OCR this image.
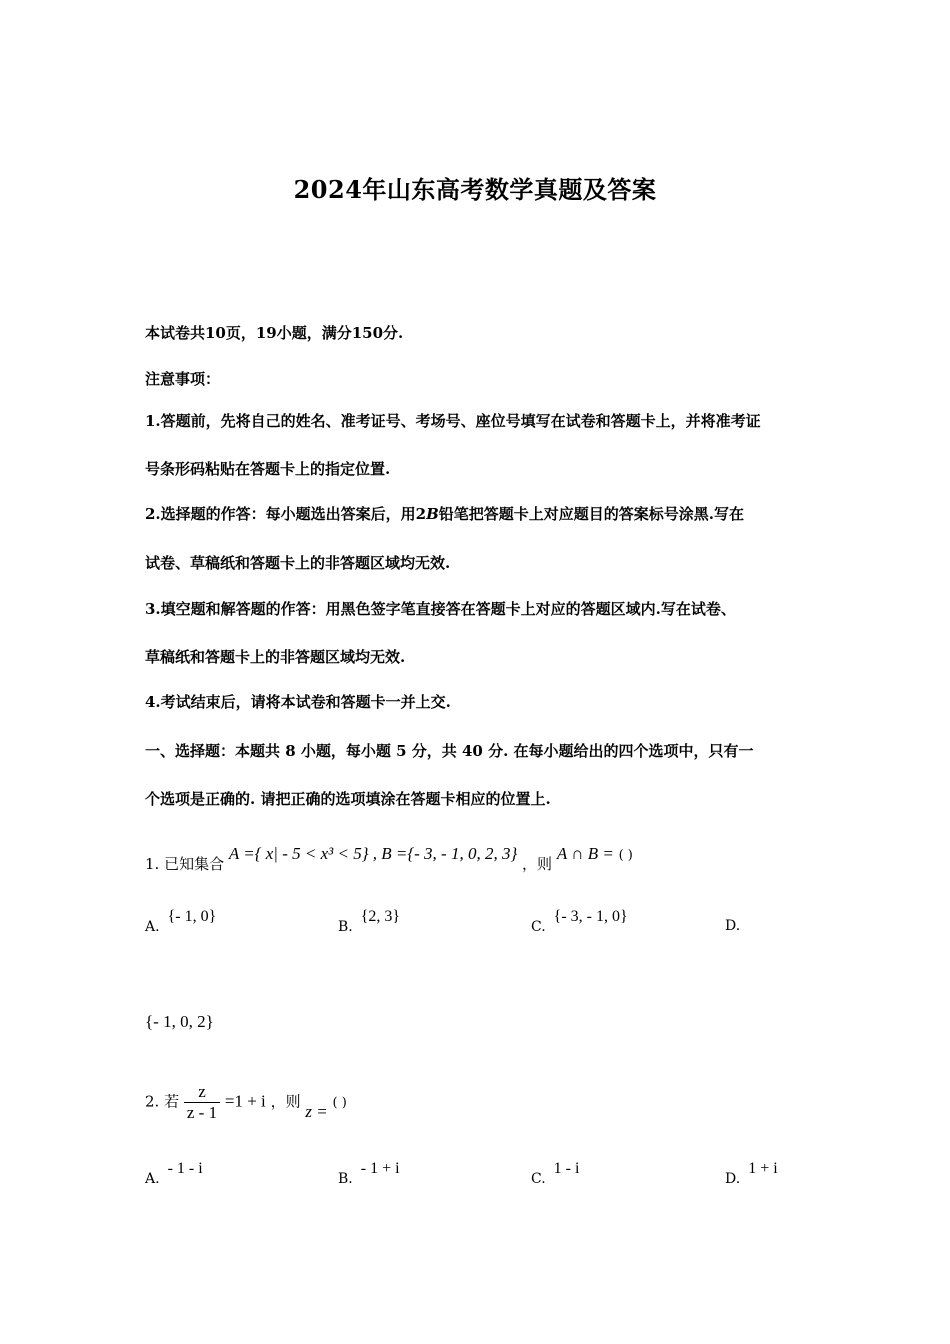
2024年山东高考数学真题及答案
本试卷共10页，19小题，满分150分.
注意事项：
1.答题前，先将自己的姓名、准考证号、考场号、座位号填写在试卷和答题卡上，并将准考证
号条形码粘贴在答题卡上的指定位置.
2.选择题的作答：每小题选出答案后，用2B铅笔把答题卡上对应题目的答案标号涂黑.写在
试卷、草稿纸和答题卡上的非答题区域均无效.
3.填空题和解答题的作答：用黑色签字笔直接答在答题卡上对应的答题区域内.写在试卷、
草稿纸和答题卡上的非答题区域均无效.
4.考试结束后，请将本试卷和答题卡一并上交.
一、选择题：本题共 8 小题，每小题 5 分，共 40 分. 在每小题给出的四个选项中，只有一
个选项是正确的. 请把正确的选项填涂在答题卡相应的位置上.
1. 已知集合 A ={ x| - 5 < x³ < 5} , B ={- 3, - 1, 0, 2, 3} ，则 A ∩ B = ( )
A.{- 1, 0}
B.{2, 3}
C.{- 3, - 1, 0}
D.
{- 1, 0, 2}
2. 若 $\frac{z}{z - 1} =1 + i$ ，则 z = ( )
A.- 1 - i
B.- 1 + i
C.1 - i
D.1 + i
